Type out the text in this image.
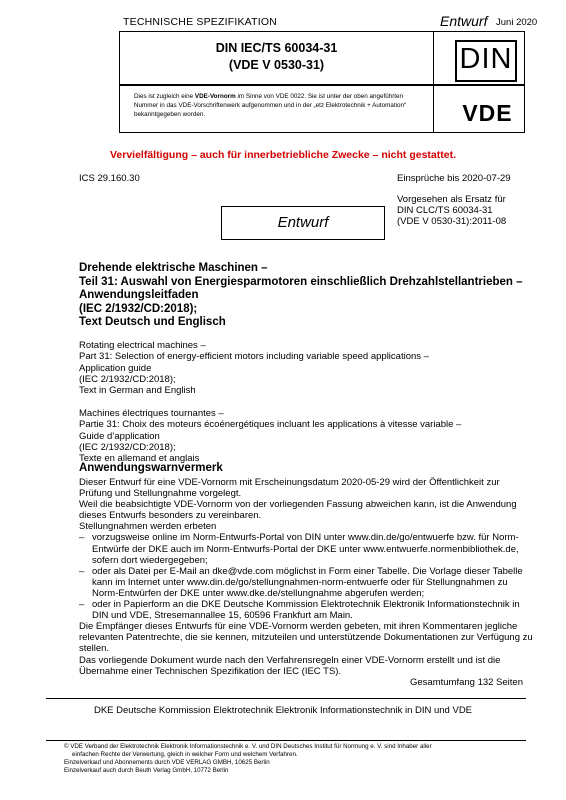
TECHNISCHE SPEZIFIKATION	Entwurf Juni 2020
DIN IEC/TS 60034-31
(VDE V 0530-31)	DIN
Dies ist zugleich eine VDE-Vornorm im Sinne von VDE 0022. Sie ist unter der oben angeführten Nummer in das VDE-Vorschriftenwerk aufgenommen und in der „etz Elektrotechnik + Automation“ bekanntgegeben worden.	VDE
Vervielfältigung – auch für innerbetriebliche Zwecke – nicht gestattet.
ICS 29.160.30	Einsprüche bis 2020-07-29
Vorgesehen als Ersatz für
DIN CLC/TS 60034-31
(VDE V 0530-31):2011-08
Entwurf
Drehende elektrische Maschinen –
Teil 31: Auswahl von Energiesparmotoren einschließlich Drehzahlstellantrieben –
Anwendungsleitfaden
(IEC 2/1932/CD:2018);
Text Deutsch und Englisch
Rotating electrical machines –
Part 31: Selection of energy-efficient motors including variable speed applications –
Application guide
(IEC 2/1932/CD:2018);
Text in German and English
Machines électriques tournantes –
Partie 31: Choix des moteurs écoénergétiques incluant les applications à vitesse variable –
Guide d’application
(IEC 2/1932/CD:2018);
Texte en allemand et anglais
Anwendungswarnvermerk

Dieser Entwurf für eine VDE-Vornorm mit Erscheinungsdatum 2020-05-29 wird der Öffentlichkeit zur Prüfung und Stellungnahme vorgelegt.

Weil die beabsichtigte VDE-Vornorm von der vorliegenden Fassung abweichen kann, ist die Anwendung dieses Entwurfs besonders zu vereinbaren.

Stellungnahmen werden erbeten

– vorzugsweise online im Norm-Entwurfs-Portal von DIN unter www.din.de/go/entwuerfe bzw. für Norm-Entwürfe der DKE auch im Norm-Entwurfs-Portal der DKE unter www.entwuerfe.normenbibliothek.de, sofern dort wiedergegeben;
– oder als Datei per E-Mail an dke@vde.com möglichst in Form einer Tabelle. Die Vorlage dieser Tabelle kann im Internet unter www.din.de/go/stellungnahmen-norm-entwuerfe oder für Stellungnahmen zu Norm-Entwürfen der DKE unter www.dke.de/stellungnahme abgerufen werden;
– oder in Papierform an die DKE Deutsche Kommission Elektrotechnik Elektronik Informationstechnik in DIN und VDE, Stresemannallee 15, 60596 Frankfurt am Main.

Die Empfänger dieses Entwurfs für eine VDE-Vornorm werden gebeten, mit ihren Kommentaren jegliche relevanten Patentrechte, die sie kennen, mitzuteilen und unterstützende Dokumentationen zur Verfügung zu stellen.

Das vorliegende Dokument wurde nach den Verfahrensregeln einer VDE-Vornorm erstellt und ist die Übernahme einer Technischen Spezifikation der IEC (IEC TS).

Gesamtumfang 132 Seiten
DKE Deutsche Kommission Elektrotechnik Elektronik Informationstechnik in DIN und VDE
© VDE Verband der Elektrotechnik Elektronik Informationstechnik e. V. und DIN Deutsches Institut für Normung e. V. sind Inhaber aller
einfachen Rechte der Verwertung, gleich in welcher Form und welchem Verfahren.
Einzelverkauf und Abonnements durch VDE VERLAG GMBH, 10625 Berlin
Einzelverkauf auch durch Beuth Verlag GmbH, 10772 Berlin
